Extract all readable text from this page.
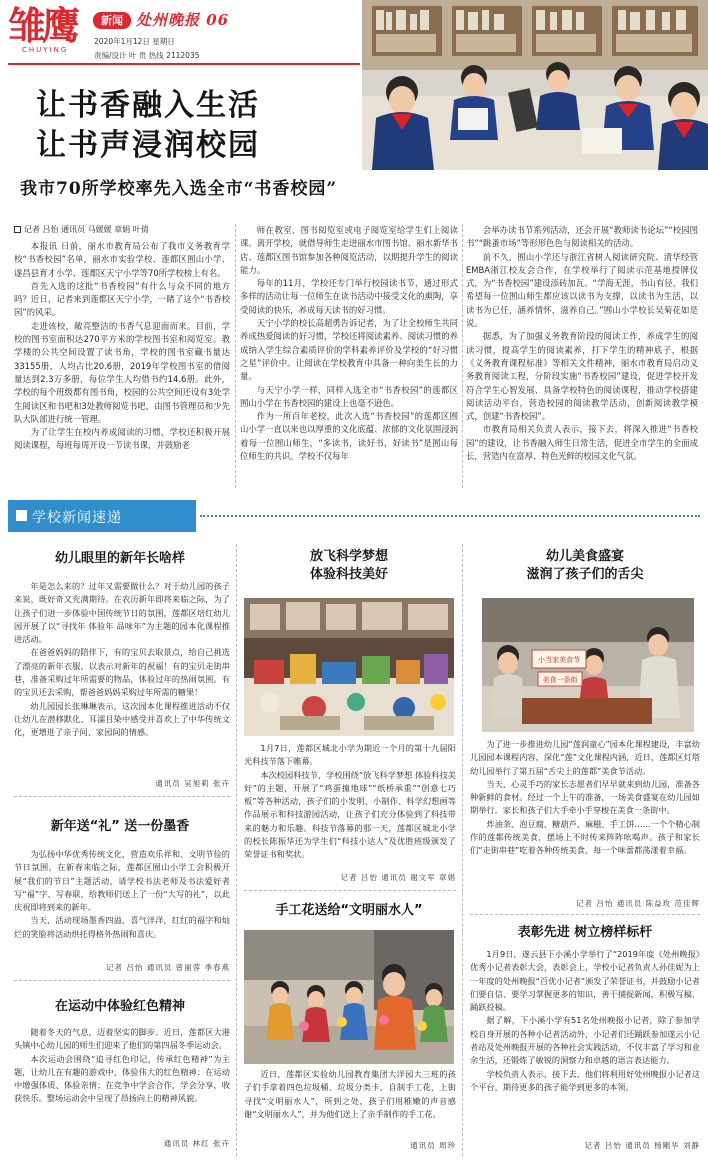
雏鹰
CHUYING
新闻 处州晚报 06
2020年1月12日 星期日
责编/设计 叶 贵 热线 2112035
让书香融入生活
让书声浸润校园
我市70所学校率先入选全市“书香校园”
记者 吕怡 通讯员 马媛媛 章娟 叶倩

本报讯 日前，丽水市教育局公布了我市义务教育学校“书香校园”名单，丽水市实验学校、莲都区囿山小学、遂昌县育才小学、莲都区天宁小学等70所学校榜上有名。

首先入选的这批“书香校园”有什么与众不同的地方吗？近日，记者来到莲都区天宁小学，一睹了这个“书香校园”的风采。

走进该校，敞亮整洁的书香气息迎面而来。目前，学校的图书室面积达270平方米的学校图书室和阅览室。教学楼的公共空间设置了读书角，学校的图书室藏书量达33155册，人均占比20.6册，2019年学校图书室的借阅量达到2.3万多册，每位学生人均借书约14.6册。此外，学校的每个班级都有图书角，校园的公共空间还设有3处学生阅读区和书吧和3处教师阅览书吧，由图书管理员和少先队大队部进行统一管理。

为了让学生在校内养成阅读的习惯，学校还积极开展阅读课程，每班每周开设一节读书课，并鼓励老

师在教室、图书阅览室或电子阅览室给学生们上阅读课。离开学校，就借导师生走进丽水市图书馆、丽水新华书店、莲都区图书馆参加各种阅览活动，以期提升学生的阅读能力。

每年的11月，学校还专门举行校园读书节，通过形式多样的活动让每一位师生在读书活动中接受文化的熏陶，享受阅读的快乐，养成每天读书的好习惯。

天宁小学的校长高超勇告诉记者，为了让全校师生共同养成热爱阅读的好习惯，学校还将阅读素养、阅读习惯的养成纳入学生综合素质评价的学科素养评价及学校的“好习惯之星”评价中。让阅读在学校教育中具备一种向美生长的力量。

与天宁小学一样，同样入选全市“书香校园”的莲都区囿山小学在书香校园的建设上也毫不逊色。

作为一所百年老校，此次入选“书香校园”的莲都区囿山小学一直以来也以厚重的文化底蕴、浓郁的文化氛围浸润着每一位囿山师生，“多读书，读好书，好读书”是囿山每位师生的共识。学校不仅每年

会举办读书节系列活动，还会开展“教师读书论坛”“校园图书”“跳蚤市场”等形形色色与阅读相关的活动。

前不久，囿山小学还与浙江省树人阅读研究院、清华经管EMBA浙江校友会合作，在学校举行了阅读示范基地授牌仪式，为“书香校园”建设添砖加瓦。“学海无涯，书山有径，我们希望每一位囿山师生都应该以读书为支撑，以读书为生活，以读书为已任，涵养情怀，滋养自己。”囿山小学校长吴菊花如是说。

据悉，为了加强义务教育阶段的阅读工作，养成学生的阅读习惯，提高学生的阅读素养，打下学生的精神底子，根据《义务教育课程标准》等相关文件精神，丽水市教育局启动义务教育阅读工程，分阶段实施“书香校园”建设，促进学校开发符合学生心智发展、具备学校特色的阅读课程，推动学校搭建阅读活动平台，营造校园的阅读教学活动，创新阅读教学模式，创建“书香校园”。

市教育局相关负责人表示，接下去，将深入推进“书香校园”的建设，让书香融入师生日常生活，促进全市学生的全面成长，营造内在富厚、特色光鲜的校园文化气氛。

学校新闻速递
幼儿眼里的新年长啥样

年是怎么来的？过年又需要做什么？对于幼儿园的孩子来说，既好奇又充满期待。在农历新年即将来临之际，为了让孩子们进一步体验中国传统节日的氛围，莲都区培红幼儿园开展了以“寻找年 体验年 品味年”为主题的园本化课程推进活动。

在爸爸妈妈的陪伴下，有的宝贝去取景点，给自己挑选了漂亮的新年衣服，以表示对新年的祝福！有的宝贝走街串巷，准备采购过年所需要的物品，体验过年的热闹氛围。有的宝贝还去采购，帮爸爸妈妈采购过年所需的糖果！

幼儿园园长张琳琳表示，这次园本化课程推进活动不仅让幼儿在潜移默化、耳濡目染中感受并喜欢上了中华传统文化，更增进了亲子间、家园间的情感。

通讯员 吴旭莉 张卉
新年送“礼” 送一份墨香

为弘扬中华优秀传统文化，营造欢乐祥和、文明节俭的节日氛围，在新春来临之际，莲都区囿山小学工会积极开展“我们的节日”主题活动，请学校书法老师及书法爱好者写“福”字、写春联，给教师们送上了一份“大写的礼”，以此庆祝即将到来的新年。

当天，活动现场墨香四溢、喜气洋洋，红红的福字和灿烂的笑脸将活动烘托得格外热闹和喜庆。

记者 吕怡 通讯员 曾丽蓉 季春燕
在运动中体验红色精神

随着冬天的气息，迈着坚实的脚步。近日，莲都区大港头镇中心幼儿园的师生们迎来了他们的第四届冬季运动会。

本次运动会围绕“追寻红色印记，传承红色精神”为主题，让幼儿在有趣的游戏中，体验伟大的红色精神：在运动中增强体质、体验亲情；在竞争中学会合作，学会分享，收获快乐。整场运动会中呈现了昂扬向上的精神风貌。

通讯员 林红 张卉
放飞科学梦想
体验科技美好

1月7日，莲都区城北小学为期近一个月的第十九届阳光科技节落下帷幕。

本次校园科技节，学校围绕“放飞科学梦想 体验科技美好”的主题，开展了“鸡蛋撞地球”“纸桥承重”“创意七巧板”等各种活动，孩子们的小发明、小制作、科学幻想画等作品展示和科技游园活动，让孩子们充分体验到了科技带来的魅力和乐趣。科技节落幕的那一天，莲都区城北小学的校长陈振华还为学生们“科技小达人”及优胜班级颁发了荣誉证书和奖状。

记者 吕怡 通讯员 谢文军 章娟
手工花送给“文明丽水人”

近日，莲都区实验幼儿园教育集团大洋园大三班的孩子们手拿着四色垃圾桶、垃圾分类卡、自制手工花，上街寻找“文明丽水人”，所到之处，孩子们用稚嫩的声音感谢“文明丽水人”，并为他们送上了亲手制作的手工花。

通讯员 周珍
幼儿美食盛宴
滋润了孩子们的舌尖
小当家美食节
美食一条街

为了进一步推进幼儿园“莲润童心”园本化课程建设，丰富幼儿园园本课程内容，深化“莲”文化课程内涵，近日，莲都区灯塔幼儿园举行了第五届“舌尖上的莲都”美食节活动。

当天，心灵手巧的家长志愿者们早早就来到幼儿园，准备各种新鲜的食材。经过一个上午的准备，一场美食盛宴在幼儿园如期举行。家长和孩子们大手牵小手穿梭在美食一条街中。

炸油条、泡豆腐、糖葫芦、麻糍、手工饼……一个个精心制作的莲都传统美食，摆场上不时传来阵阵吆喝声。孩子和家长们“走街串巷”吃着各种传统美食，每一个味蕾都荡漾着幸福。

记者 吕怡 通讯员 陈益玫 范佳辉
表彰先进 树立榜样标杆

1月9日，遂云县下小溪小学举行了“2019年度《处州晚报》优秀小记者表彰大会，表彰会上，学校小记者负责人孙佳妮为上一年度的处州晚报“百优小记者”颁发了荣誉证书，并鼓励小记者们要自信、要学习掌握更多的知识，善于捕捉新闻，积极写稿、踊跃投稿。

据了解，下小溪小学有51名处州晚报小记者，除了参加学校自身开展的各种小记者活动外，小记者们还踊跃参加遂云小记者站及处州晚报开展的各种社会实践活动，不仅丰富了学习和业余生活，还锻炼了敏锐的洞察力和卓越的语言表达能力。

学校负责人表示，接下去，他们将利用好处州晚报小记者这个平台，期待更多的孩子能学到更多的本领。

记者 吕怡 通讯员 杨剛华 刘静
